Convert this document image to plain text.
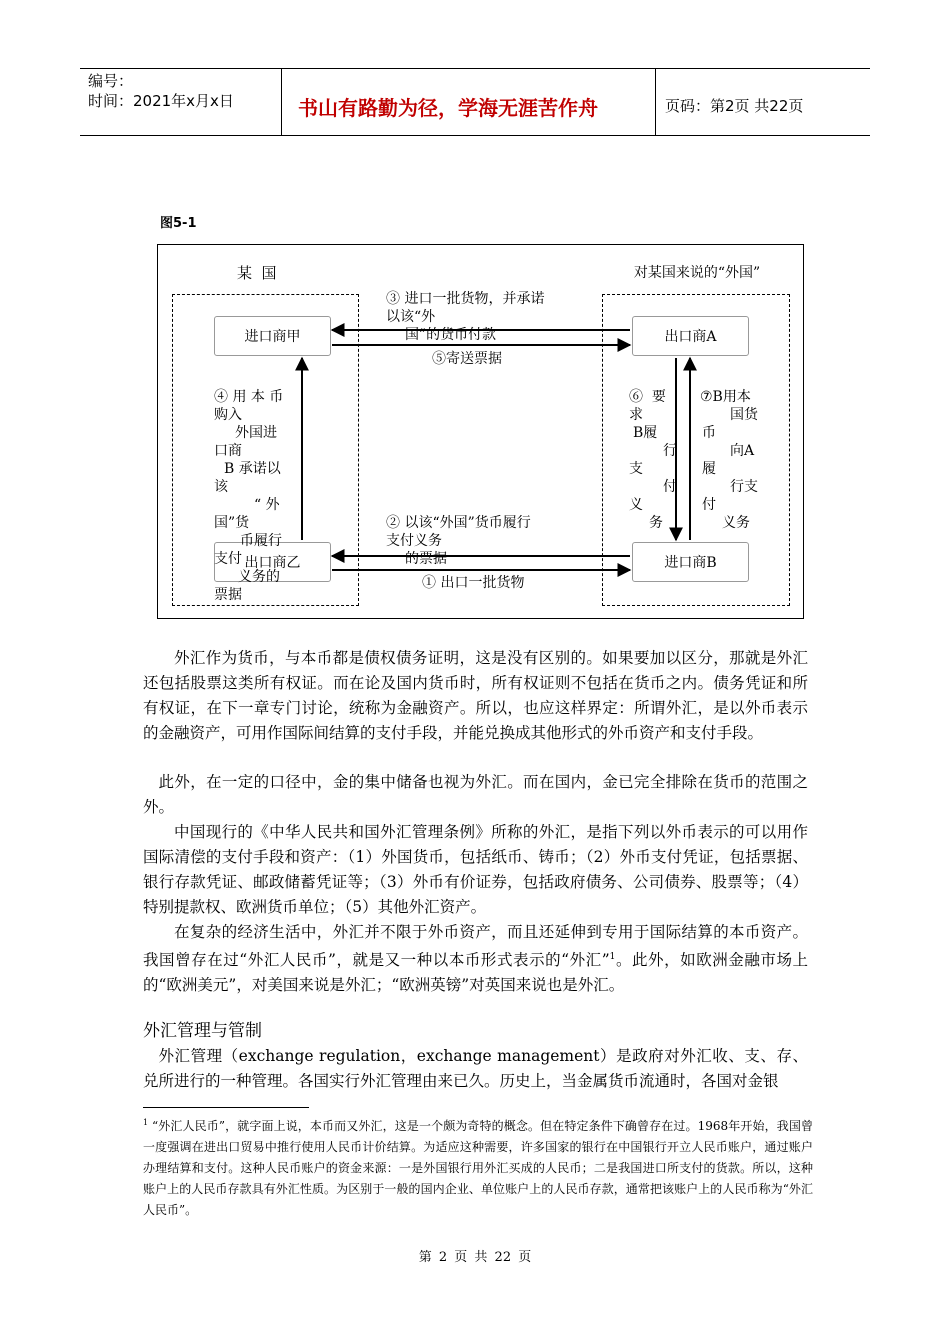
编号：
时间：2021年x月x日	书山有路勤为径，学海无涯苦作舟	页码：第2页 共22页
图5-1
某  国	对某国来说的“外国”
进口商甲	出口商A
出口商乙	进口商B
③ 进口一批货物，并承诺
以该“外
国”的货币付款
⑤寄送票据
④ 用 本 币
购入
外国进
口商
B 承诺以
该
“ 外
国”货
币履行
支付
义务的
票据
⑥  要
求
B履
行
支
付
义
务
⑦B用本
国货
币
向A
履
行支
付
义务
② 以该“外国”货币履行
支付义务
的票据
① 出口一批货物
外汇作为货币，与本币都是债权债务证明，这是没有区别的。如果要加以区分，那就是外汇还包括股票这类所有权证。而在论及国内货币时，所有权证则不包括在货币之内。债务凭证和所有权证，在下一章专门讨论，统称为金融资产。所以，也应这样界定：所谓外汇，是以外币表示的金融资产，可用作国际间结算的支付手段，并能兑换成其他形式的外币资产和支付手段。
此外，在一定的口径中，金的集中储备也视为外汇。而在国内，金已完全排除在货币的范围之外。
中国现行的《中华人民共和国外汇管理条例》所称的外汇，是指下列以外币表示的可以用作国际清偿的支付手段和资产：（1）外国货币，包括纸币、铸币；（2）外币支付凭证，包括票据、银行存款凭证、邮政储蓄凭证等；（3）外币有价证券，包括政府债务、公司债券、股票等；（4）特别提款权、欧洲货币单位；（5）其他外汇资产。
在复杂的经济生活中，外汇并不限于外币资产，而且还延伸到专用于国际结算的本币资产。我国曾存在过“外汇人民币”，就是又一种以本币形式表示的“外汇”$^1$。此外，如欧洲金融市场上的“欧洲美元”，对美国来说是外汇；“欧洲英镑”对英国来说也是外汇。
外汇管理与管制
外汇管理（exchange regulation，exchange management）是政府对外汇收、支、存、兑所进行的一种管理。各国实行外汇管理由来已久。历史上，当金属货币流通时，各国对金银
$^1$ “外汇人民币”，就字面上说，本币而又外汇，这是一个颇为奇特的概念。但在特定条件下确曾存在过。1968年开始，我国曾一度强调在进出口贸易中推行使用人民币计价结算。为适应这种需要，许多国家的银行在中国银行开立人民币账户，通过账户办理结算和支付。这种人民币账户的资金来源：一是外国银行用外汇买成的人民币；二是我国进口所支付的货款。所以，这种账户上的人民币存款具有外汇性质。为区别于一般的国内企业、单位账户上的人民币存款，通常把该账户上的人民币称为“外汇人民币”。
第 2 页 共 22 页
